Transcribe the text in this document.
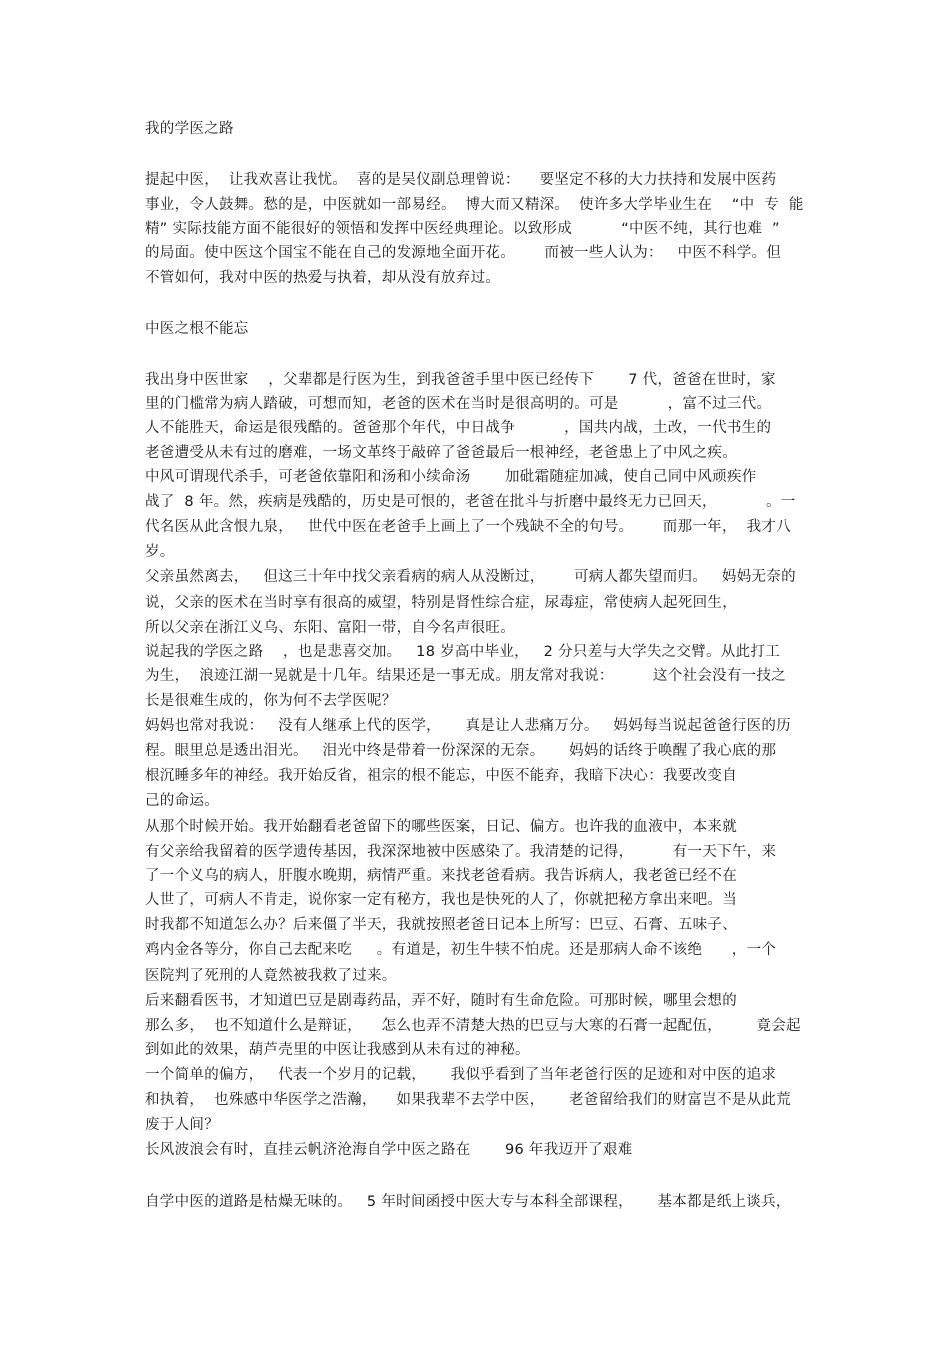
我的学医之路
提起中医，  让我欢喜让我忧。  喜的是吴仪副总理曾说：    要坚定不移的大力扶持和发展中医药
事业，令人鼓舞。愁的是，中医就如一部易经。  博大而又精深。  使许多大学毕业生在    “中  专  能
精” 实际技能方面不能很好的领悟和发挥中医经典理论。以致形成          “中医不纯，其行也难  ”
的局面。使中医这个国宝不能在自己的发源地全面开花。      而被一些人认为：   中医不科学。但
不管如何，我对中医的热爱与执着，却从没有放弃过。
中医之根不能忘
我出身中医世家    ，父辈都是行医为生，到我爸爸手里中医已经传下       7 代，爸爸在世时，家
里的门槛常为病人踏破，可想而知，老爸的医术在当时是很高明的。可是          ，富不过三代。
人不能胜天，命运是很残酷的。爸爸那个年代，中日战争          ，国共内战，土改，一代书生的
老爸遭受从未有过的磨难，一场文革终于敲碎了爸爸最后一根神经，老爸患上了中风之疾。
中风可谓现代杀手，可老爸依靠阳和汤和小续命汤       加砒霜随症加减，使自己同中风顽疾作
战了  8 年。然，疾病是残酷的，历史是可恨的，老爸在批斗与折磨中最终无力已回天，          。一
代名医从此含恨九泉，   世代中医在老爸手上画上了一个残缺不全的句号。      而那一年，  我才八
岁。
父亲虽然离去，   但这三十年中找父亲看病的病人从没断过，      可病人都失望而归。   妈妈无奈的
说，父亲的医术在当时享有很高的威望，特别是肾性综合症，尿毒症，常使病人起死回生，
所以父亲在浙江义乌、东阳、富阳一带，自今名声很旺。
说起我的学医之路    ，也是悲喜交加。   18 岁高中毕业，   2 分只差与大学失之交臂。从此打工
为生，  浪迹江湖一晃就是十几年。结果还是一事无成。朋友常对我说：        这个社会没有一技之
长是很难生成的，你为何不去学医呢？
妈妈也常对我说：   没有人继承上代的医学，     真是让人悲痛万分。   妈妈每当说起爸爸行医的历
程。眼里总是透出泪光。   泪光中终是带着一份深深的无奈。     妈妈的话终于唤醒了我心底的那
根沉睡多年的神经。我开始反省，祖宗的根不能忘，中医不能弃，我暗下决心：我要改变自
己的命运。
从那个时候开始。我开始翻看老爸留下的哪些医案，日记、偏方。也许我的血液中，本来就
有父亲给我留着的医学遗传基因，我深深地被中医感染了。我清楚的记得，        有一天下午，来
了一个义乌的病人，肝腹水晚期，病情严重。来找老爸看病。我告诉病人，我老爸已经不在
人世了，可病人不肯走，说你家一定有秘方，我也是快死的人了，你就把秘方拿出来吧。当
时我都不知道怎么办？后来僵了半天，我就按照老爸日记本上所写：巴豆、石膏、五味子、
鸡内金各等分，你自己去配来吃     。有道是，初生牛犊不怕虎。还是那病人命不该绝      ，一个
医院判了死刑的人竟然被我救了过来。
后来翻看医书，才知道巴豆是剧毒药品，弄不好，随时有生命危险。可那时候，哪里会想的
那么多，  也不知道什么是辩证，    怎么也弄不清楚大热的巴豆与大寒的石膏一起配伍，       竟会起
到如此的效果，葫芦壳里的中医让我感到从未有过的神秘。
一个简单的偏方，   代表一个岁月的记载，     我似乎看到了当年老爸行医的足迹和对中医的追求
和执着，  也殊感中华医学之浩瀚，    如果我辈不去学中医，     老爸留给我们的财富岂不是从此荒
废于人间？
长风波浪会有时，直挂云帆济沧海自学中医之路在       96 年我迈开了艰难
自学中医的道路是枯燥无味的。   5 年时间函授中医大专与本科全部课程，     基本都是纸上谈兵，
